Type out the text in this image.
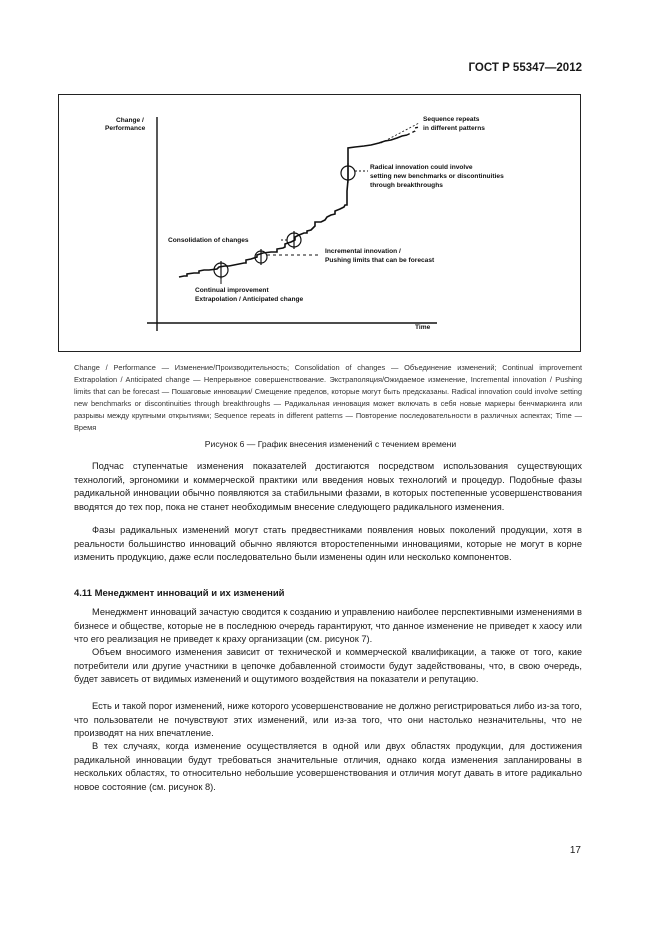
ГОСТ Р 55347—2012
Change /
Performance
Time
Sequence repeats
in different patterns
Radical innovation could involve
setting new benchmarks or discontinuities
through breakthroughs
Consolidation of changes
Incremental innovation /
Pushing limits that can be forecast
Continual improvement
Extrapolation / Anticipated change
Change / Performance — Изменение/Производительность; Consolidation of changes — Объединение изменений; Continual improvement Extrapolation / Anticipated change — Непрерывное совершенствование. Экстраполяция/Ожидаемое изменение, Incremental innovation / Pushing limits that can be forecast — Пошаговые инновации/ Смещение пределов, которые могут быть предсказаны. Radical innovation could involve setting new benchmarks or discontinuities through breakthroughs — Радикальная инновация может включать в себя новые маркеры бенчмаркинга или разрывы между крупными открытиями; Sequence repeats in different patterns — Повторение последовательности в различных аспектах; Time — Время
Рисунок 6 — График внесения изменений с течением времени

Подчас ступенчатые изменения показателей достигаются посредством использования существующих технологий, эргономики и коммерческой практики или введения новых технологий и процедур. Подобные фазы радикальной инновации обычно появляются за стабильными фазами, в которых постепенные усовершенствования вводятся до тех пор, пока не станет необходимым внесение следующего радикального изменения.

Фазы радикальных изменений могут стать предвестниками появления новых поколений продукции, хотя в реальности большинство инноваций обычно являются второстепенными инновациями, которые не могут в корне изменить продукцию, даже если последовательно были изменены один или несколько компонентов.

4.11 Менеджмент инноваций и их изменений

Менеджмент инноваций зачастую сводится к созданию и управлению наиболее перспективными изменениями в бизнесе и обществе, которые не в последнюю очередь гарантируют, что данное изменение не приведет к хаосу или что его реализация не приведет к краху организации (см. рисунок 7).

Объем вносимого изменения зависит от технической и коммерческой квалификации, а также от того, какие потребители или другие участники в цепочке добавленной стоимости будут задействованы, что, в свою очередь, будет зависеть от видимых изменений и ощутимого воздействия на показатели и репутацию.

Есть и такой порог изменений, ниже которого усовершенствование не должно регистрироваться либо из-за того, что пользователи не почувствуют этих изменений, или из-за того, что они настолько незначительны, что не производят на них впечатление.

В тех случаях, когда изменение осуществляется в одной или двух областях продукции, для достижения радикальной инновации будут требоваться значительные отличия, однако когда изменения запланированы в нескольких областях, то относительно небольшие усовершенствования и отличия могут давать в итоге радикально новое состояние (см. рисунок 8).

17
